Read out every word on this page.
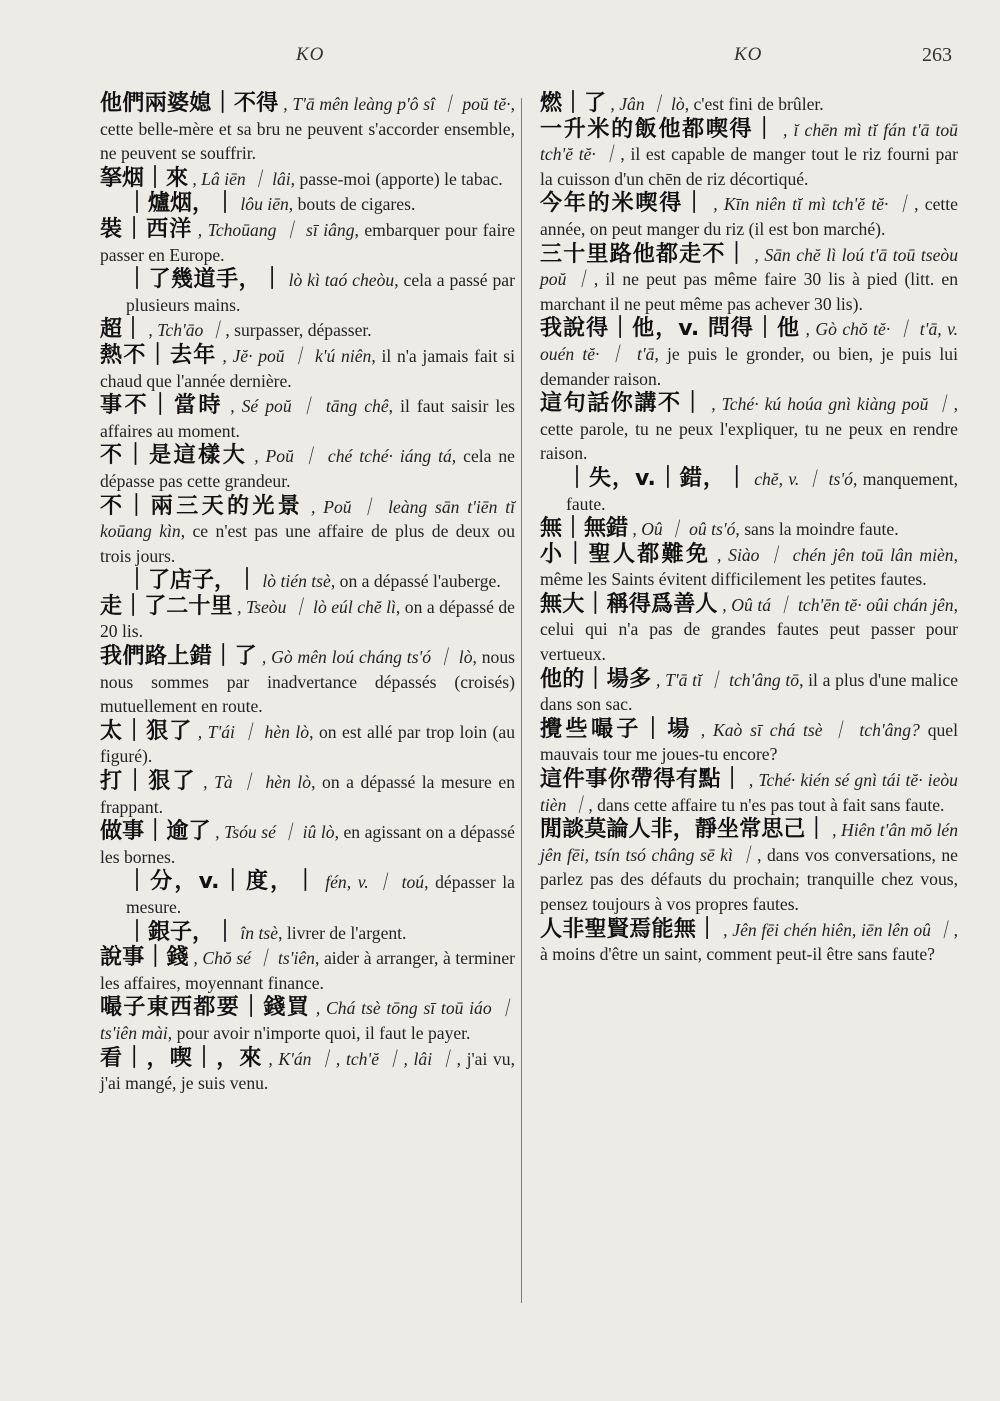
KO	KO	263

他們兩婆媳｜不得 , T'ā mên leàng p'ô sî ｜ poŭ tĕ·, cette belle-mère et sa bru ne peuvent s'accorder ensemble, ne peuvent se souffrir.

拏烟｜來 , Lâ iēn ｜ lâi, passe-moi (apporte) le tabac.

｜爐烟，｜ lôu iēn, bouts de cigares.

裝｜西洋 , Tchoūang ｜ sī iâng, embarquer pour faire passer en Europe.

｜了幾道手，｜ lò kì taó cheòu, cela a passé par plusieurs mains.

超｜ , Tch'āo ｜, surpasser, dépasser.

熱不｜去年 , Jĕ· poŭ ｜ k'ú niên, il n'a jamais fait si chaud que l'année dernière.

事不｜當時 , Sé poŭ ｜ tāng chê, il faut saisir les affaires au moment.

不｜是這樣大 , Poŭ ｜ ché tché· iáng tá, cela ne dépasse pas cette grandeur.

不｜兩三天的光景 , Poŭ ｜ leàng sān t'iēn tĭ koūang kìn, ce n'est pas une affaire de plus de deux ou trois jours.

｜了店子，｜ lò tién tsè, on a dépassé l'auberge.

走｜了二十里 , Tseòu ｜ lò eúl chĕ lì, on a dépassé de 20 lis.

我們路上錯｜了 , Gò mên loú cháng ts'ó ｜ lò, nous nous sommes par inadvertance dépassés (croisés) mutuellement en route.

太｜狠了 , T'ái ｜ hèn lò, on est allé par trop loin (au figuré).

打｜狠了 , Tà ｜ hèn lò, on a dépassé la mesure en frappant.

做事｜逾了 , Tsóu sé ｜ iû lò, en agissant on a dépassé les bornes.

｜分，v.｜度，｜ fén, v. ｜ toú, dépasser la mesure.

｜銀子，｜ în tsè, livrer de l'argent.

說事｜錢 , Chŏ sé ｜ ts'iên, aider à arranger, à terminer les affaires, moyennant finance.

嘬子東西都要｜錢買 , Chá tsè tōng sī toū iáo ｜ ts'iên mài, pour avoir n'importe quoi, il faut le payer.

看｜，喫｜，來 , K'án ｜, tch'ĕ ｜, lâi ｜, j'ai vu, j'ai mangé, je suis venu.

燃｜了 , Jân ｜ lò, c'est fini de brûler.

一升米的飯他都喫得｜ , ĭ chēn mì tĭ fán t'ā toū tch'ĕ tĕ· ｜, il est capable de manger tout le riz fourni par la cuisson d'un chēn de riz décortiqué.

今年的米喫得｜ , Kīn niên tĭ mì tch'ĕ tĕ· ｜, cette année, on peut manger du riz (il est bon marché).

三十里路他都走不｜ , Sān chĕ lì loú t'ā toū tseòu poŭ ｜, il ne peut pas même faire 30 lis à pied (litt. en marchant il ne peut même pas achever 30 lis).

我說得｜他，v. 問得｜他 , Gò chŏ tĕ· ｜ t'ā, v. ouén tĕ· ｜ t'ā, je puis le gronder, ou bien, je puis lui demander raison.

這句話你講不｜ , Tché· kú hoúa gnì kiàng poŭ ｜, cette parole, tu ne peux l'expliquer, tu ne peux en rendre raison.

｜失，v.｜錯，｜ chĕ, v. ｜ ts'ó, manquement, faute.

無｜無錯 , Oû ｜ oû ts'ó, sans la moindre faute.

小｜聖人都難免 , Siào ｜ chén jên toū lân mièn, même les Saints évitent difficilement les petites fautes.

無大｜稱得爲善人 , Oû tá ｜ tch'ēn tĕ· oûi chán jên, celui qui n'a pas de grandes fautes peut passer pour vertueux.

他的｜場多 , T'ā tĭ ｜ tch'âng tō, il a plus d'une malice dans son sac.

攪些嘬子｜場 , Kaò sī chá tsè ｜ tch'âng? quel mauvais tour me joues-tu encore?

這件事你帶得有點｜ , Tché· kién sé gnì tái tĕ· ieòu tièn ｜, dans cette affaire tu n'es pas tout à fait sans faute.

閒談莫論人非，靜坐常思己｜ , Hiên t'ân mŏ lén jên fēi, tsín tsó châng sē kì ｜, dans vos conversations, ne parlez pas des défauts du prochain; tranquille chez vous, pensez toujours à vos propres fautes.

人非聖賢焉能無｜ , Jên fēi chén hiên, iēn lên oû ｜, à moins d'être un saint, comment peut-il être sans faute?
